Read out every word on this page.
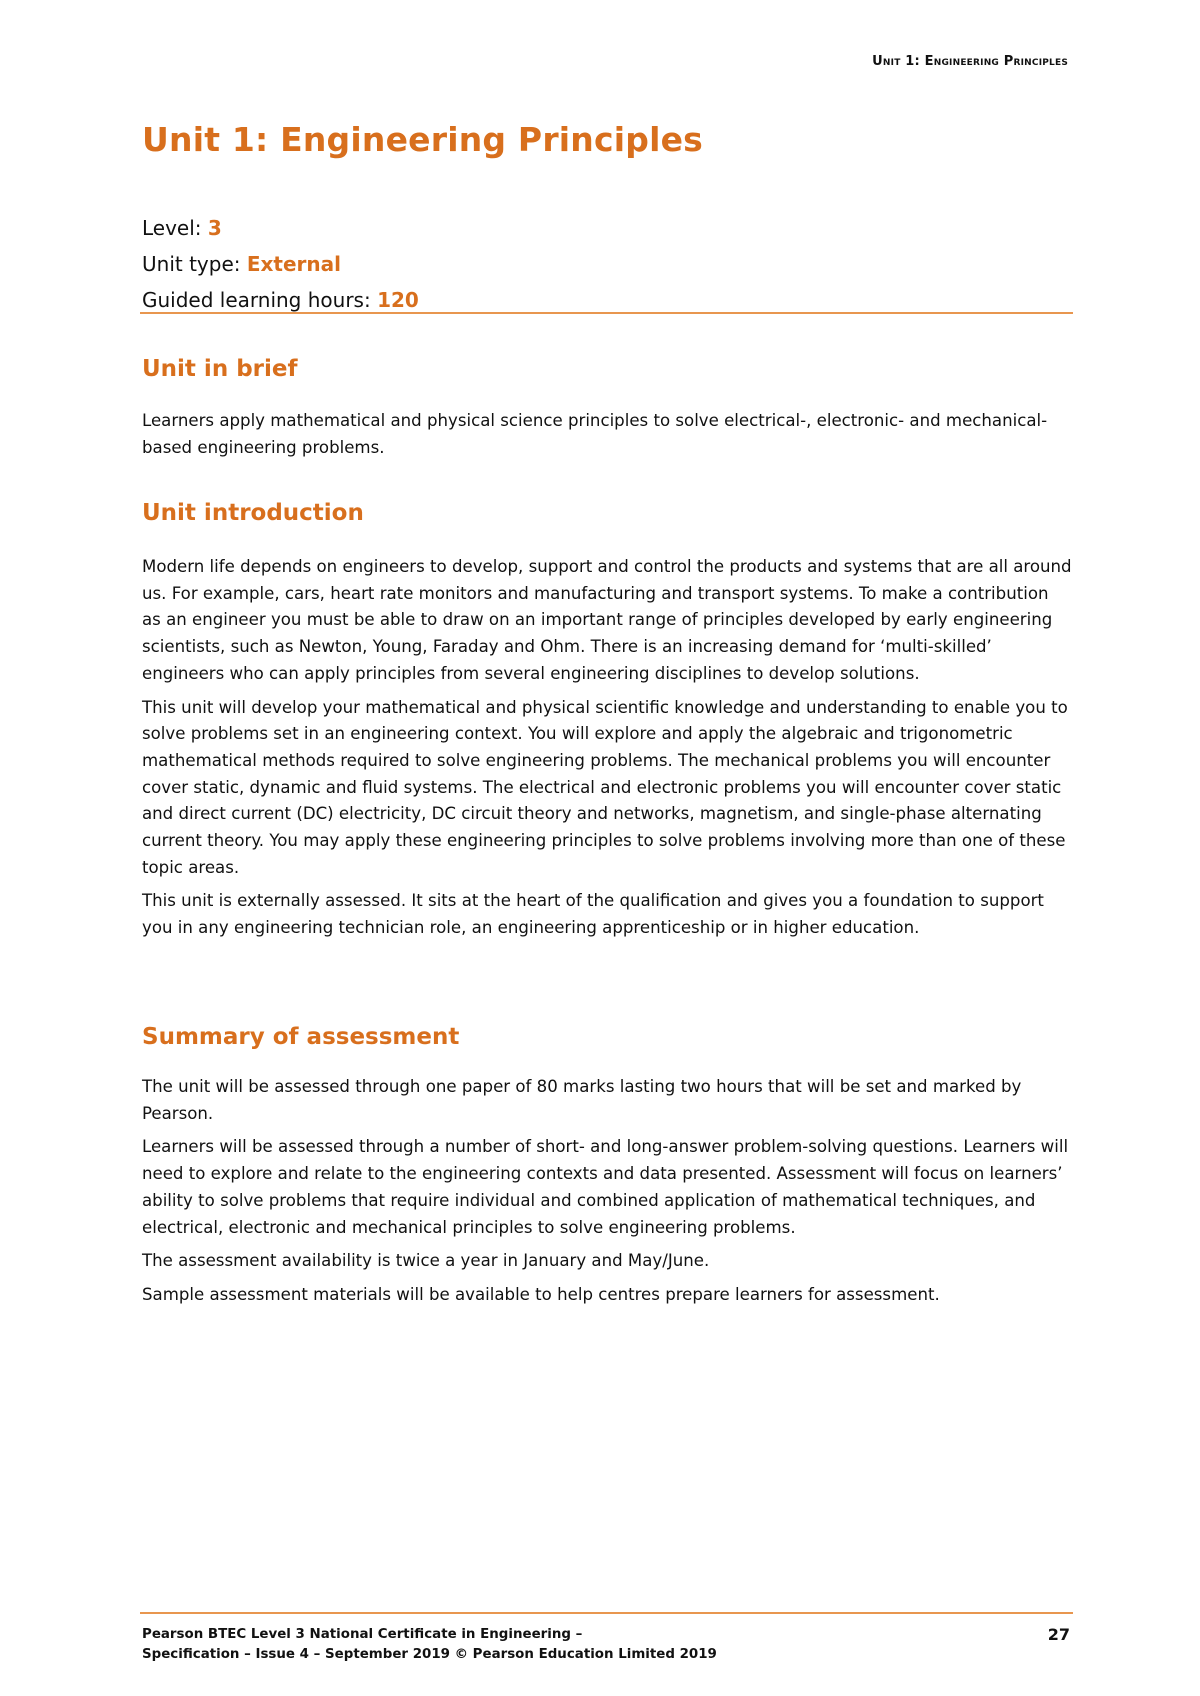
Unit 1: Engineering Principles
Unit 1: Engineering Principles
Level: 3
Unit type: External
Guided learning hours: 120
Unit in brief

Learners apply mathematical and physical science principles to solve electrical-, electronic- and mechanical-based engineering problems.

Unit introduction

Modern life depends on engineers to develop, support and control the products and systems that are all around us. For example, cars, heart rate monitors and manufacturing and transport systems. To make a contribution as an engineer you must be able to draw on an important range of principles developed by early engineering scientists, such as Newton, Young, Faraday and Ohm. There is an increasing demand for ‘multi-skilled’ engineers who can apply principles from several engineering disciplines to develop solutions.

This unit will develop your mathematical and physical scientific knowledge and understanding to enable you to solve problems set in an engineering context. You will explore and apply the algebraic and trigonometric mathematical methods required to solve engineering problems. The mechanical problems you will encounter cover static, dynamic and fluid systems. The electrical and electronic problems you will encounter cover static and direct current (DC) electricity, DC circuit theory and networks, magnetism, and single-phase alternating current theory. You may apply these engineering principles to solve problems involving more than one of these topic areas.

This unit is externally assessed. It sits at the heart of the qualification and gives you a foundation to support you in any engineering technician role, an engineering apprenticeship or in higher education.

Summary of assessment

The unit will be assessed through one paper of 80 marks lasting two hours that will be set and marked by Pearson.

Learners will be assessed through a number of short- and long-answer problem-solving questions. Learners will need to explore and relate to the engineering contexts and data presented. Assessment will focus on learners’ ability to solve problems that require individual and combined application of mathematical techniques, and electrical, electronic and mechanical principles to solve engineering problems.

The assessment availability is twice a year in January and May/June.

Sample assessment materials will be available to help centres prepare learners for assessment.

Pearson BTEC Level 3 National Certificate in Engineering –
Specification – Issue 4 – September 2019 © Pearson Education Limited 2019
27
